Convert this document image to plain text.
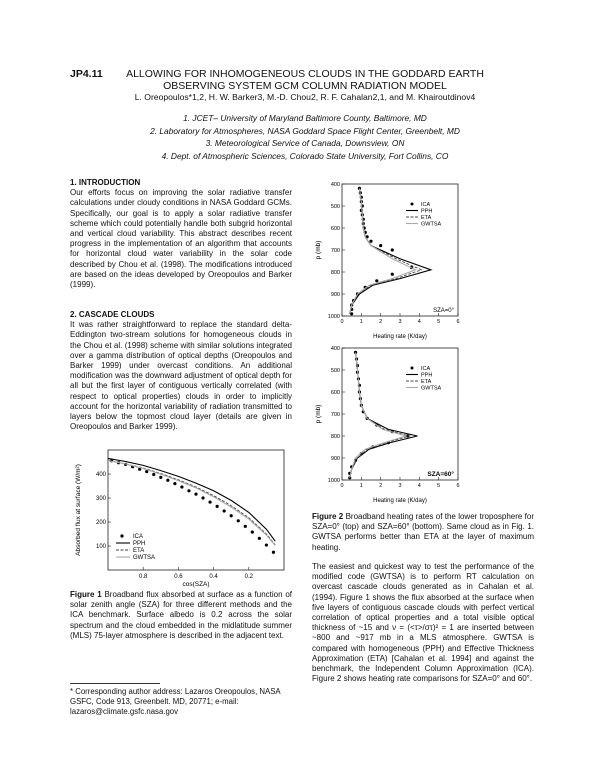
JP4.11	ALLOWING FOR INHOMOGENEOUS CLOUDS IN THE GODDARD EARTH
OBSERVING SYSTEM GCM COLUMN RADIATION MODEL
L. Oreopoulos*1,2, H. W. Barker3, M.-D. Chou2, R. F. Cahalan2,1, and M. Khairoutdinov4
1. JCET– University of Maryland Baltimore County, Baltimore, MD
2. Laboratory for Atmospheres, NASA Goddard Space Flight Center, Greenbelt, MD
3. Meteorological Service of Canada, Downsview, ON
4. Dept. of Atmospheric Sciences, Colorado State University, Fort Collins, CO
1. INTRODUCTION
Our efforts focus on improving the solar radiative transfer calculations under cloudy conditions in NASA Goddard GCMs. Specifically, our goal is to apply a solar radiative transfer scheme which could potentially handle both subgrid horizontal and vertical cloud variability. This abstract describes recent progress in the implementation of an algorithm that accounts for horizontal cloud water variability in the solar code described by Chou et al. (1998). The modifications introduced are based on the ideas developed by Oreopoulos and Barker (1999).
2. CASCADE CLOUDS
It was rather straightforward to replace the standard delta-Eddington two-stream solutions for homogeneous clouds in the Chou et al. (1998) scheme with similar solutions integrated over a gamma distribution of optical depths (Oreopoulos and Barker 1999) under overcast conditions. An additional modification was the downward adjustment of optical depth for all but the first layer of contiguous vertically correlated (with respect to optical properties) clouds in order to implicitly account for the horizontal variability of radiation transmitted to layers below the topmost cloud layer (details are given in Oreopoulos and Barker 1999).
100
200
300
400
0.8	0.6	0.4	0.2
Absorbed flux at surface (W/m²)
cos(SZA)
ICA
PPH
ETA
GWTSA
Figure 1 Broadband flux absorbed at surface as a function of solar zenith angle (SZA) for three different methods and the ICA benchmark. Surface albedo is 0.2 across the solar spectrum and the cloud embedded in the midlatitude summer (MLS) 75-layer atmosphere is described in the adjacent text.
* Corresponding author address: Lazaros Oreopoulos, NASA GSFC, Code 913, Greenbelt. MD, 20771; e-mail: lazaros@climate.gsfc.nasa.gov
400
500
600
700
800
900
1000
0	1	2	3	4	5	6
ICA
PPH
ETA
GWTSA
p (mb)
Heating rate (K/day)
SZA=0°
400
500
600
700
800
900
1000
0	1	2	3	4	5	6
ICA
PPH
ETA
GWTSA
p (mb)
Heating rate (K/day)
SZA=60°
Figure 2 Broadband heating rates of the lower troposphere for SZA=0° (top) and SZA=60° (bottom). Same cloud as in Fig. 1. GWTSA performs better than ETA at the layer of maximum heating.
The easiest and quickest way to test the performance of the modified code (GWTSA) is to perform RT calculation on overcast cascade clouds generated as in Cahalan et al. (1994). Figure 1 shows the flux absorbed at the surface when five layers of contiguous cascade clouds with perfect vertical correlation of optical properties and a total visible optical thickness of ~15 and ν = (<τ>/στ)² = 1 are inserted between ~800 and ~917 mb in a MLS atmosphere. GWTSA is compared with homogeneous (PPH) and Effective Thickness Approximation (ETA) [Cahalan et al. 1994] and against the benchmark, the Independent Column Approximation (ICA). Figure 2 shows heating rate comparisons for SZA=0° and 60°.
